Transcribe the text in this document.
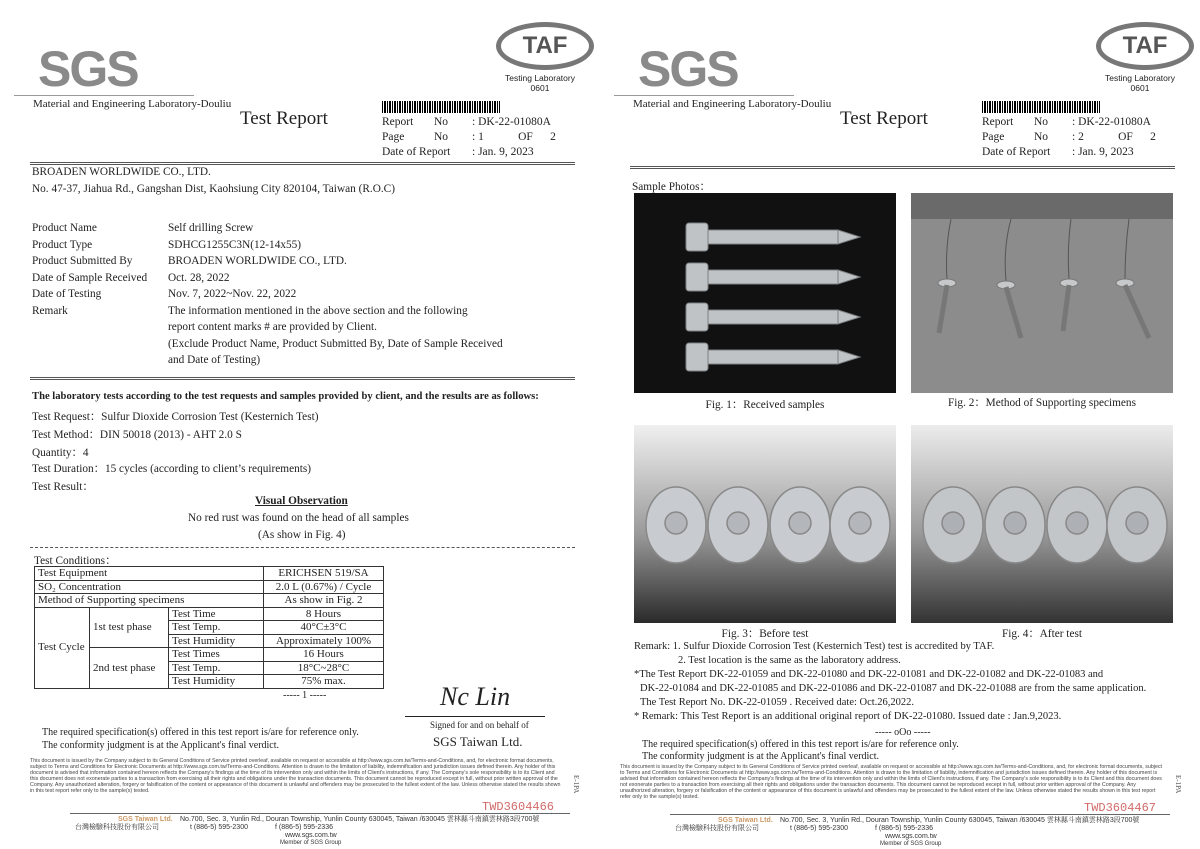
SGS
Material and Engineering Laboratory-Douliu
TAF
Testing Laboratory
0601
Test Report	Report	No	: DK-22-01080A
Page	No	: 1	OF	2
Date of Report	: Jan. 9, 2023
BROADEN WORLDWIDE CO., LTD.
No. 47-37, Jiahua Rd., Gangshan Dist, Kaohsiung City 820104, Taiwan (R.O.C)
Product Name	Self drilling Screw
Product Type	SDHCG1255C3N(12-14x55)
Product Submitted By	BROADEN WORLDWIDE CO., LTD.
Date of Sample Received	Oct. 28, 2022
Date of Testing	Nov. 7, 2022~Nov. 22, 2022
Remark	The information mentioned in the above section and the following
report content marks # are provided by Client.
(Exclude Product Name, Product Submitted By, Date of Sample Received
and Date of Testing)
The laboratory tests according to the test requests and samples provided by client, and the results are as follows:
Test Request：Sulfur Dioxide Corrosion Test (Kesternich Test)
Test Method：DIN 50018 (2013) - AHT 2.0 S
Quantity：4
Test Duration：15 cycles (according to client’s requirements)
Test Result：
Visual Observation
No red rust was found on the head of all samples
(As show in Fig. 4)
Test Conditions：
Test Equipment			ERICHSEN 519/SA
SO₂ Concentration			2.0 L (0.67%) / Cycle
Method of Supporting specimens			As show in Fig. 2
Test Cycle	1st test phase	Test Time	8 Hours
		Test Temp.	40°C±3°C
		Test Humidity	Approximately 100%
	2nd test phase	Test Times	16 Hours
		Test Temp.	18°C~28°C
		Test Humidity	75% max.
----- 1 -----	Nc Lin
Signed for and on behalf of
SGS Taiwan Ltd.
The required specification(s) offered in this test report is/are for reference only.
The conformity judgment is at the Applicant's final verdict.
This document is issued by the Company subject to its General Conditions of Service printed overleaf, available on request or accessible at http://www.sgs.com.tw/Terms-and-Conditions, and, for electronic format documents, subject to Terms and Conditions for Electronic Documents at http://www.sgs.com.tw/Terms-and-Conditions. Attention is drawn to the limitation of liability, indemnification and jurisdiction issues defined therein. Any holder of this document is advised that information contained hereon reflects the Company's findings at the time of its intervention only and within the limits of Client's instructions, if any. The Company's sole responsibility is to its Client and this document does not exonerate parties to a transaction from exercising all their rights and obligations under the transaction documents. This document cannot be reproduced except in full, without prior written approval of the Company. Any unauthorized alteration, forgery or falsification of the content or appearance of this document is unlawful and offenders may be prosecuted to the fullest extent of the law. Unless otherwise stated the results shown in this test report refer only to the sample(s) tested.
TWD3604466
E-1PA
SGS Taiwan Ltd.
台灣檢驗科技股份有限公司
No.700, Sec. 3, Yunlin Rd., Douran Township, Yunlin County 630045, Taiwan /630045 雲林縣斗南鎮雲林路3段700號
t (886-5) 595-2300	f (886-5) 595-2336
www.sgs.com.tw
Member of SGS Group
SGS
Material and Engineering Laboratory-Douliu
TAF
Testing Laboratory
0601
Test Report	Report	No	: DK-22-01080A
Page	No	: 2	OF	2
Date of Report	: Jan. 9, 2023
Sample Photos：
Fig. 1：Received samples	Fig. 2：Method of Supporting specimens
Fig. 3：Before test	Fig. 4：After test
Remark: 1. Sulfur Dioxide Corrosion Test (Kesternich Test) test is accredited by TAF.
2. Test location is the same as the laboratory address.
*The Test Report DK-22-01059 and DK-22-01080 and DK-22-01081 and DK-22-01082 and DK-22-01083 and
DK-22-01084 and DK-22-01085 and DK-22-01086 and DK-22-01087 and DK-22-01088 are from the same application.
The Test Report No. DK-22-01059 . Received date: Oct.26,2022.
* Remark: This Test Report is an additional original report of DK-22-01080. Issued date : Jan.9,2023.
----- oOo -----
The required specification(s) offered in this test report is/are for reference only.
The conformity judgment is at the Applicant's final verdict.
This document is issued by the Company subject to its General Conditions of Service printed overleaf, available on request or accessible at http://www.sgs.com.tw/Terms-and-Conditions, and, for electronic format documents, subject to Terms and Conditions for Electronic Documents at http://www.sgs.com.tw/Terms-and-Conditions. Attention is drawn to the limitation of liability, indemnification and jurisdiction issues defined therein. Any holder of this document is advised that information contained hereon reflects the Company's findings at the time of its intervention only and within the limits of Client's instructions, if any. The Company's sole responsibility is to its Client and this document does not exonerate parties to a transaction from exercising all their rights and obligations under the transaction documents. This document cannot be reproduced except in full, without prior written approval of the Company. Any unauthorized alteration, forgery or falsification of the content or appearance of this document is unlawful and offenders may be prosecuted to the fullest extent of the law. Unless otherwise stated the results shown in this test report refer only to the sample(s) tested.
TWD3604467
E-1PA
SGS Taiwan Ltd.
台灣檢驗科技股份有限公司
No.700, Sec. 3, Yunlin Rd., Douran Township, Yunlin County 630045, Taiwan /630045 雲林縣斗南鎮雲林路3段700號
t (886-5) 595-2300	f (886-5) 595-2336
www.sgs.com.tw
Member of SGS Group
